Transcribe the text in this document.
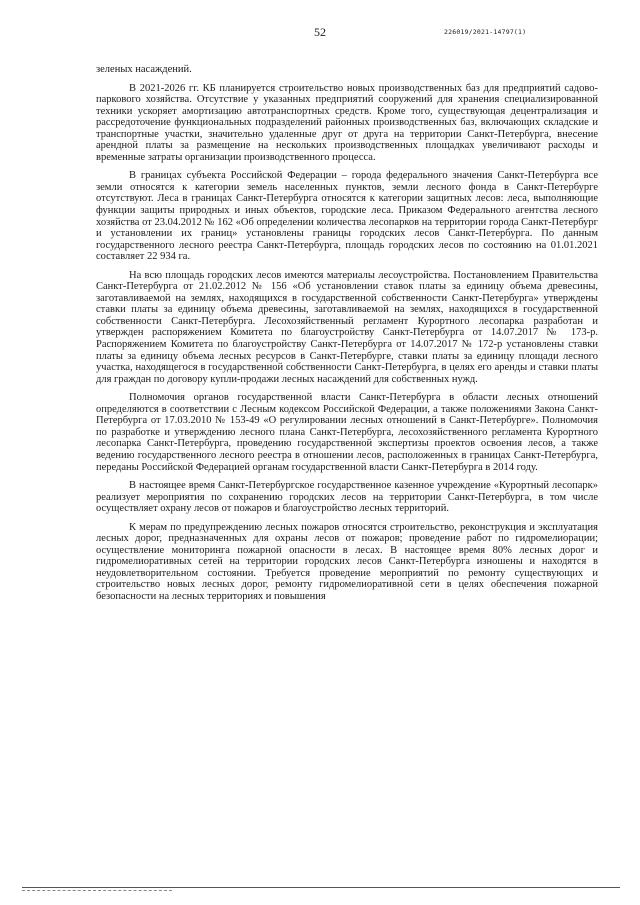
52	226019/2021-14797(1)

зеленых насаждений.

В 2021-2026 гг. КБ планируется строительство новых производственных баз для предприятий садово-паркового хозяйства. Отсутствие у указанных предприятий сооружений для хранения специализированной техники ускоряет амортизацию автотранспортных средств. Кроме того, существующая децентрализация и рассредоточение функциональных подразделений районных производственных баз, включающих складские и транспортные участки, значительно удаленные друг от друга на территории Санкт-Петербурга, внесение арендной платы за размещение на нескольких производственных площадках увеличивают расходы и временные затраты организации производственного процесса.

В границах субъекта Российской Федерации – города федерального значения Санкт-Петербурга все земли относятся к категории земель населенных пунктов, земли лесного фонда в Санкт-Петербурге отсутствуют. Леса в границах Санкт-Петербурга относятся к категории защитных лесов: леса, выполняющие функции защиты природных и иных объектов, городские леса. Приказом Федерального агентства лесного хозяйства от 23.04.2012 № 162 «Об определении количества лесопарков на территории города Санкт-Петербург и установлении их границ» установлены границы городских лесов Санкт-Петербурга. По данным государственного лесного реестра Санкт-Петербурга, площадь городских лесов по состоянию на 01.01.2021 составляет 22 934 га.

На всю площадь городских лесов имеются материалы лесоустройства. Постановлением Правительства Санкт-Петербурга от 21.02.2012 № 156 «Об установлении ставок платы за единицу объема древесины, заготавливаемой на землях, находящихся в государственной собственности Санкт-Петербурга» утверждены ставки платы за единицу объема древесины, заготавливаемой на землях, находящихся в государственной собственности Санкт-Петербурга. Лесохозяйственный регламент Курортного лесопарка разработан и утвержден распоряжением Комитета по благоустройству Санкт-Петербурга от 14.07.2017 № 173-р. Распоряжением Комитета по благоустройству Санкт-Петербурга от 14.07.2017 № 172-р установлены ставки платы за единицу объема лесных ресурсов в Санкт-Петербурге, ставки платы за единицу площади лесного участка, находящегося в государственной собственности Санкт-Петербурга, в целях его аренды и ставки платы для граждан по договору купли-продажи лесных насаждений для собственных нужд.

Полномочия органов государственной власти Санкт-Петербурга в области лесных отношений определяются в соответствии с Лесным кодексом Российской Федерации, а также положениями Закона Санкт-Петербурга от 17.03.2010 № 153-49 «О регулировании лесных отношений в Санкт-Петербурге». Полномочия по разработке и утверждению лесного плана Санкт-Петербурга, лесохозяйственного регламента Курортного лесопарка Санкт-Петербурга, проведению государственной экспертизы проектов освоения лесов, а также ведению государственного лесного реестра в отношении лесов, расположенных в границах Санкт-Петербурга, переданы Российской Федерацией органам государственной власти Санкт-Петербурга в 2014 году.

В настоящее время Санкт-Петербургское государственное казенное учреждение «Курортный лесопарк» реализует мероприятия по сохранению городских лесов на территории Санкт-Петербурга, в том числе осуществляет охрану лесов от пожаров и благоустройство лесных территорий.

К мерам по предупреждению лесных пожаров относятся строительство, реконструкция и эксплуатация лесных дорог, предназначенных для охраны лесов от пожаров; проведение работ по гидромелиорации; осуществление мониторинга пожарной опасности в лесах. В настоящее время 80% лесных дорог и гидромелиоративных сетей на территории городских лесов Санкт-Петербурга изношены и находятся в неудовлетворительном состоянии. Требуется проведение мероприятий по ремонту существующих и строительство новых лесных дорог, ремонту гидромелиоративной сети в целях обеспечения пожарной безопасности на лесных территориях и повышения
